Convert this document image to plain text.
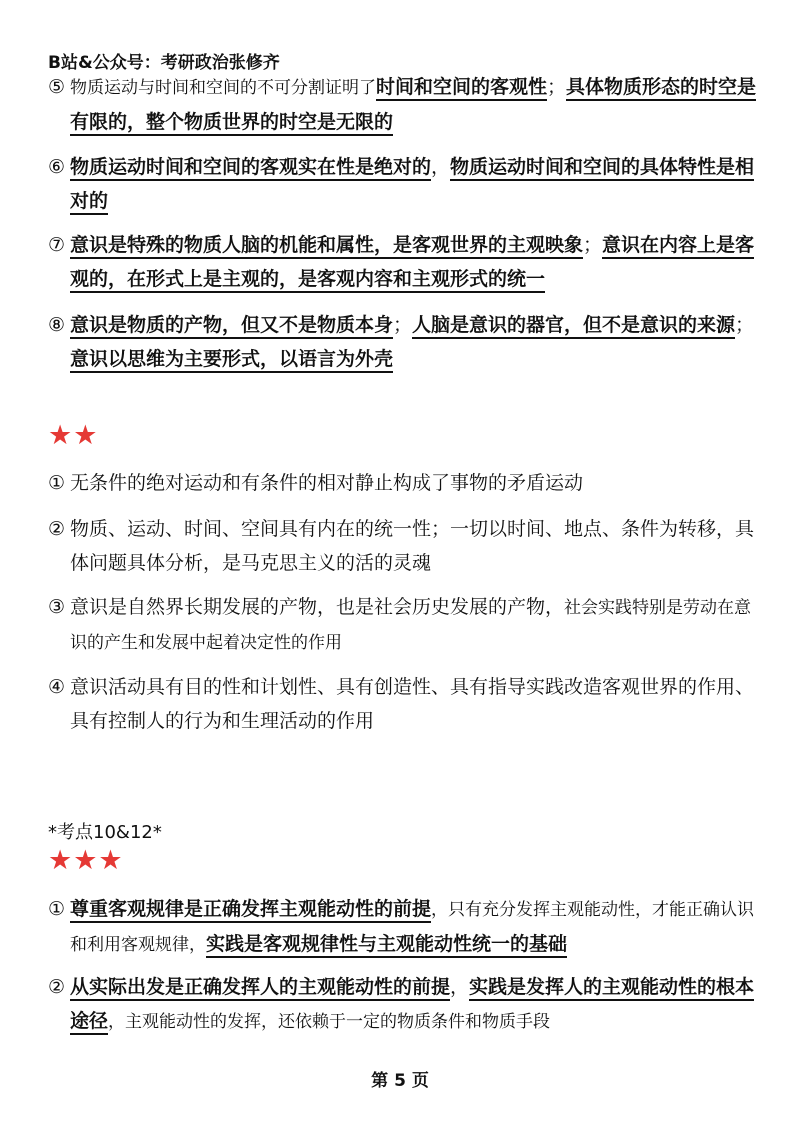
B站&公众号：考研政治张修齐
⑤ 物质运动与时间和空间的不可分割证明了时间和空间的客观性；具体物质形态的时空是有限的，整个物质世界的时空是无限的
⑥ 物质运动时间和空间的客观实在性是绝对的，物质运动时间和空间的具体特性是相对的
⑦ 意识是特殊的物质人脑的机能和属性，是客观世界的主观映象；意识在内容上是客观的，在形式上是主观的，是客观内容和主观形式的统一
⑧ 意识是物质的产物，但又不是物质本身；人脑是意识的器官，但不是意识的来源；意识以思维为主要形式，以语言为外壳
★★
① 无条件的绝对运动和有条件的相对静止构成了事物的矛盾运动
② 物质、运动、时间、空间具有内在的统一性；一切以时间、地点、条件为转移，具体问题具体分析，是马克思主义的活的灵魂
③ 意识是自然界长期发展的产物，也是社会历史发展的产物，社会实践特别是劳动在意识的产生和发展中起着决定性的作用
④ 意识活动具有目的性和计划性、具有创造性、具有指导实践改造客观世界的作用、具有控制人的行为和生理活动的作用
*考点10&12*
★★★
① 尊重客观规律是正确发挥主观能动性的前提，只有充分发挥主观能动性，才能正确认识和利用客观规律，实践是客观规律性与主观能动性统一的基础
② 从实际出发是正确发挥人的主观能动性的前提，实践是发挥人的主观能动性的根本途径，主观能动性的发挥，还依赖于一定的物质条件和物质手段
第 5 页
